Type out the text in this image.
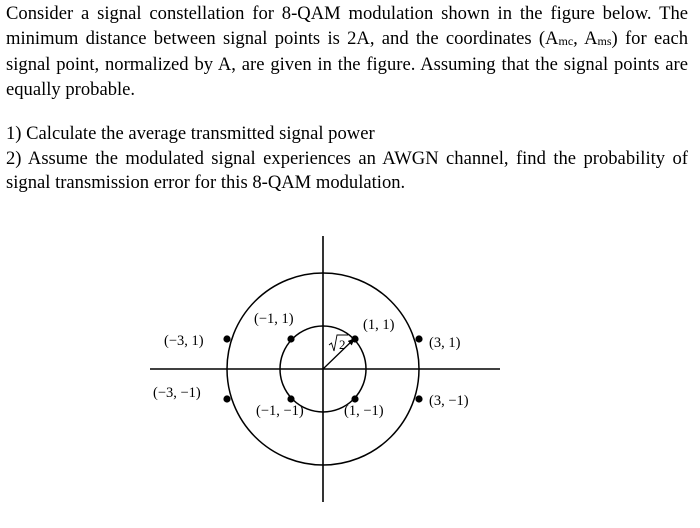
Consider a signal constellation for 8-QAM modulation shown in the figure below. The minimum distance between signal points is 2A, and the coordinates (Amc, Ams) for each signal point, normalized by A, are given in the figure. Assuming that the signal points are equally probable.

1) Calculate the average transmitted signal power

2) Assume the modulated signal experiences an AWGN channel, find the probability of signal transmission error for this 8-QAM modulation.

2
(−3, 1)
(−1, 1)	(1, 1)
(3, 1)
(−3, −1)
(−1, −1)	(1, −1)
(3, −1)
